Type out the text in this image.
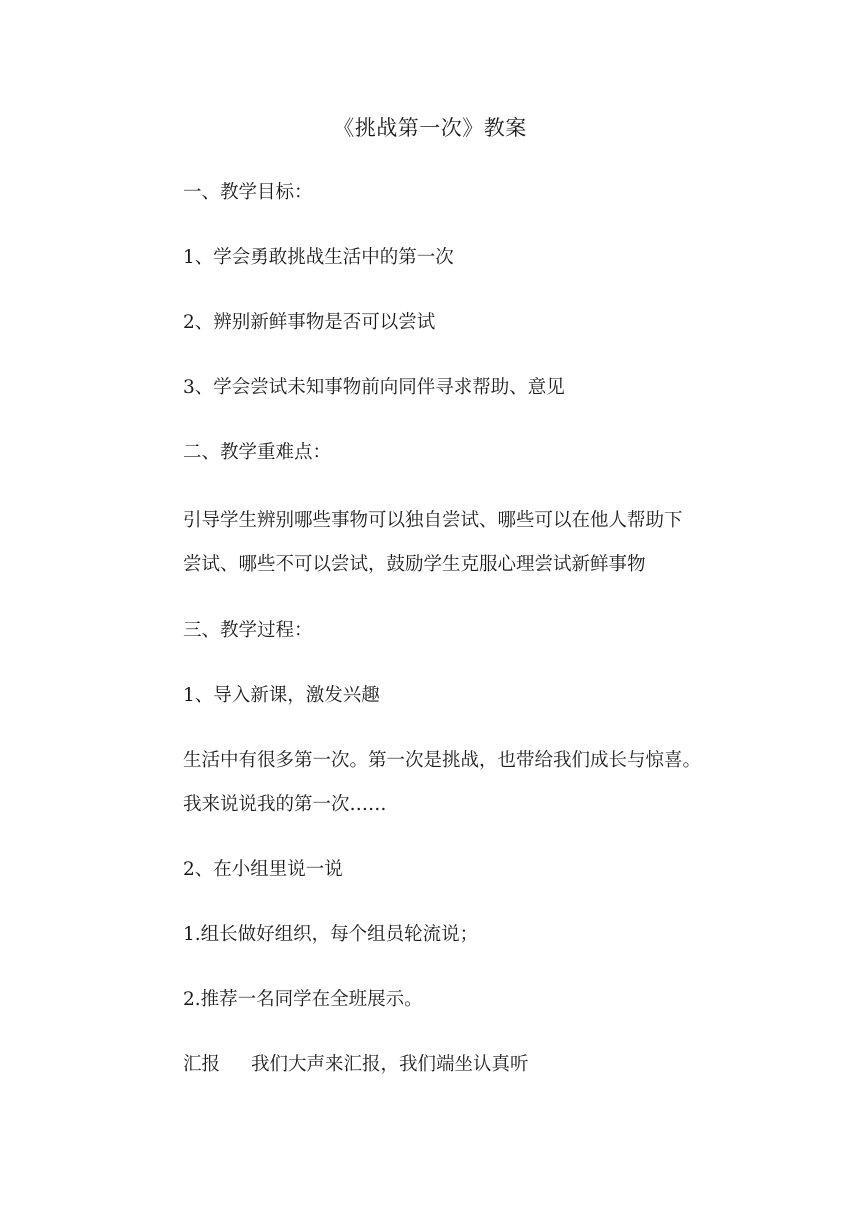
《挑战第一次》教案
一、教学目标：
1、学会勇敢挑战生活中的第一次
2、辨别新鲜事物是否可以尝试
3、学会尝试未知事物前向同伴寻求帮助、意见
二、教学重难点：
引导学生辨别哪些事物可以独自尝试、哪些可以在他人帮助下
尝试、哪些不可以尝试，鼓励学生克服心理尝试新鲜事物
三、教学过程：
1、导入新课，激发兴趣
生活中有很多第一次。第一次是挑战，也带给我们成长与惊喜。
我来说说我的第一次……
2、在小组里说一说
1.组长做好组织，每个组员轮流说；
2.推荐一名同学在全班展示。
汇报 我们大声来汇报，我们端坐认真听
